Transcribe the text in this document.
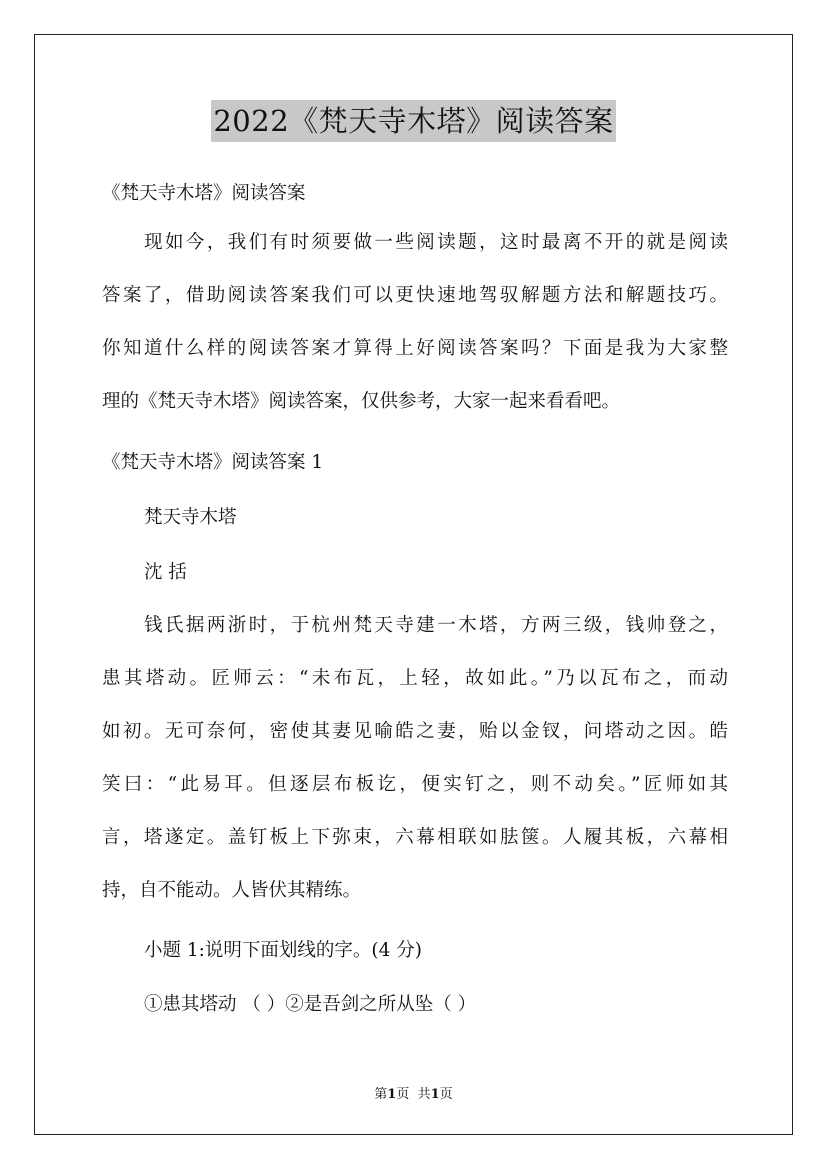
2022《梵天寺木塔》阅读答案

《梵天寺木塔》阅读答案

现如今，我们有时须要做一些阅读题，这时最离不开的就是阅读
答案了，借助阅读答案我们可以更快速地驾驭解题方法和解题技巧。
你知道什么样的阅读答案才算得上好阅读答案吗？下面是我为大家整
理的《梵天寺木塔》阅读答案，仅供参考，大家一起来看看吧。

《梵天寺木塔》阅读答案 1

梵天寺木塔

沈 括

钱氏据两浙时，于杭州梵天寺建一木塔，方两三级，钱帅登之，
患其塔动。匠师云：“未布瓦，上轻，故如此。”乃以瓦布之，而动
如初。无可奈何，密使其妻见喻皓之妻，贻以金钗，问塔动之因。皓
笑曰：“此易耳。但逐层布板讫，便实钉之，则不动矣。”匠师如其
言，塔遂定。盖钉板上下弥束，六幕相联如胠箧。人履其板，六幕相
持，自不能动。人皆伏其精练。

小题 1:说明下面划线的字。(4 分)

①患其塔动 （ ）②是吾剑之所从坠（ ）

第1页 共1页
